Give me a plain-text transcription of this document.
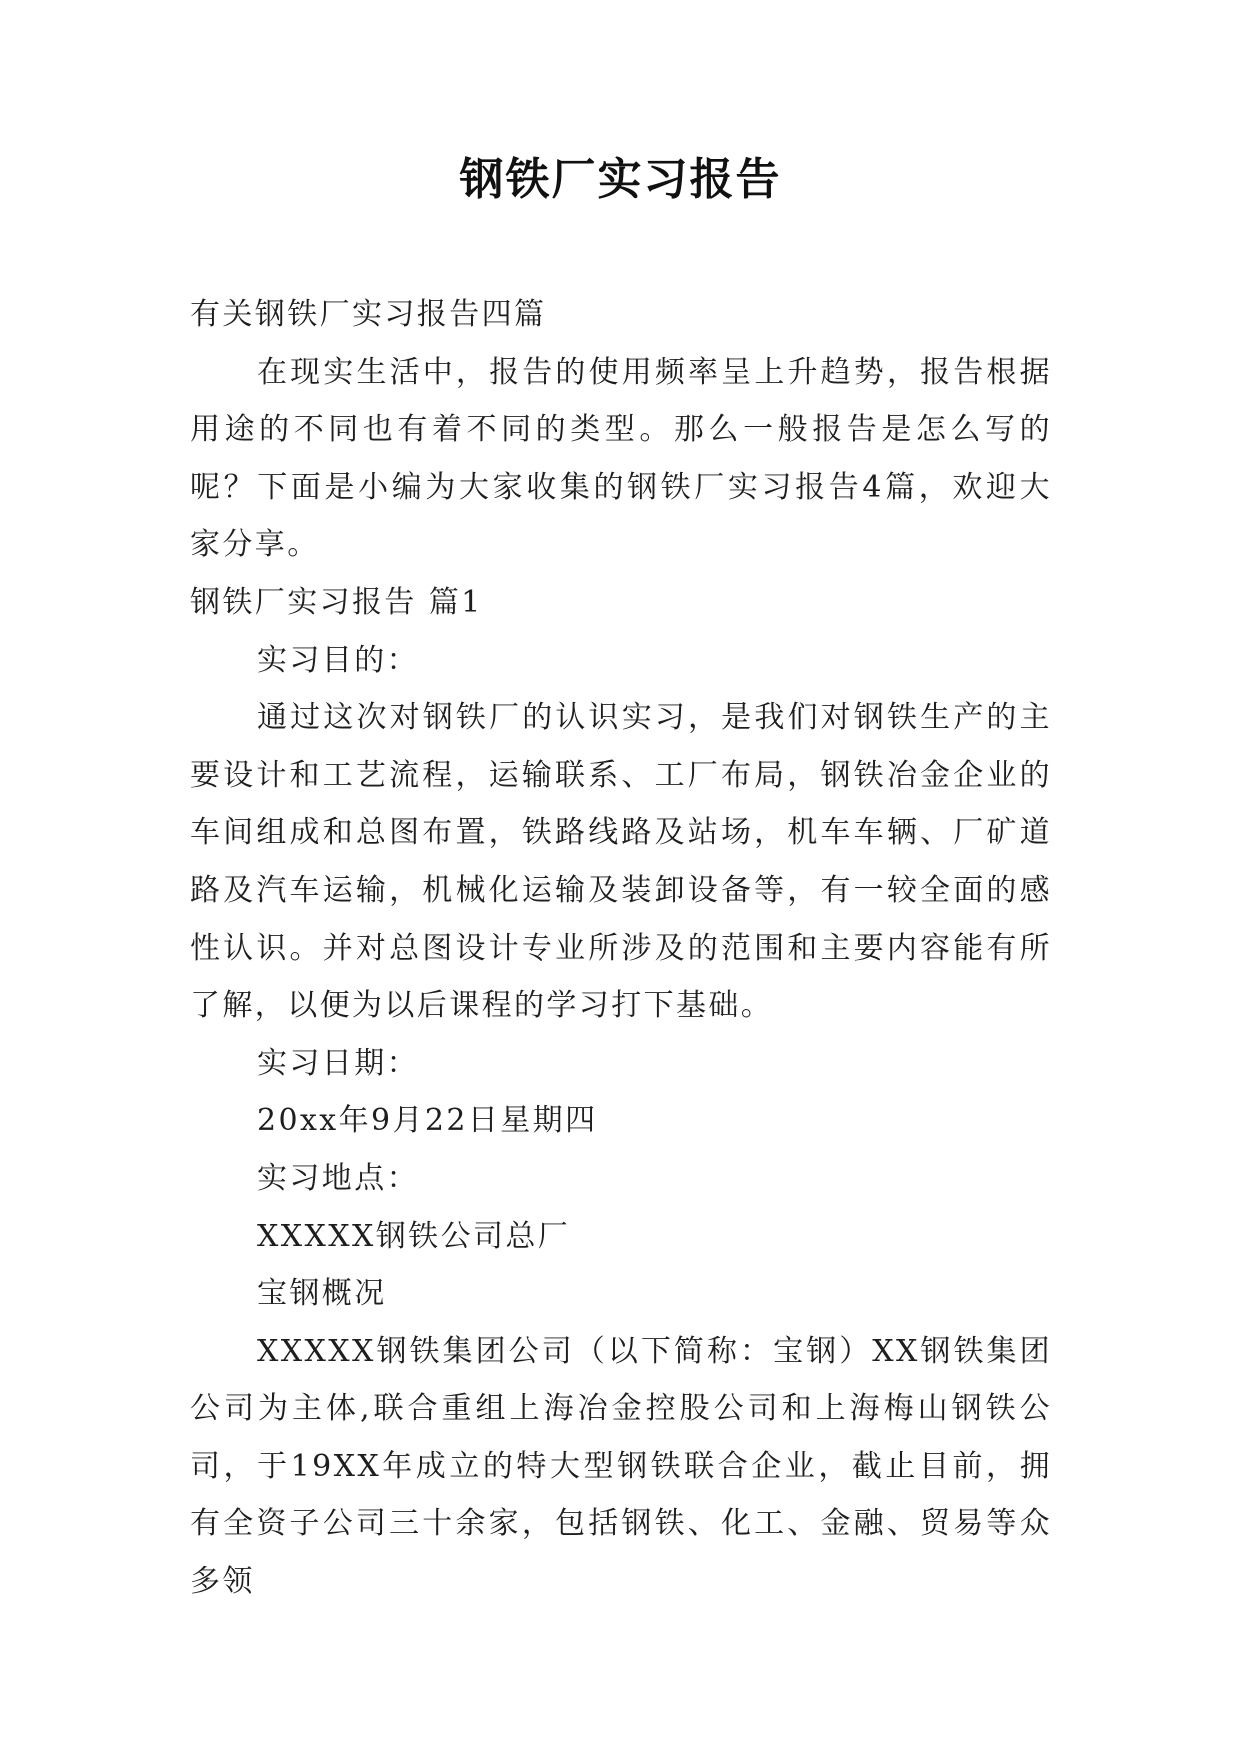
钢铁厂实习报告

有关钢铁厂实习报告四篇

在现实生活中，报告的使用频率呈上升趋势，报告根据用途的不同也有着不同的类型。那么一般报告是怎么写的呢？下面是小编为大家收集的钢铁厂实习报告4篇，欢迎大家分享。

钢铁厂实习报告 篇1

实习目的：

通过这次对钢铁厂的认识实习，是我们对钢铁生产的主要设计和工艺流程，运输联系、工厂布局，钢铁冶金企业的车间组成和总图布置，铁路线路及站场，机车车辆、厂矿道路及汽车运输，机械化运输及装卸设备等，有一较全面的感性认识。并对总图设计专业所涉及的范围和主要内容能有所了解，以便为以后课程的学习打下基础。

实习日期：

20xx年9月22日星期四

实习地点：

XXXXX钢铁公司总厂

宝钢概况

XXXXX钢铁集团公司（以下简称：宝钢）XX钢铁集团公司为主体,联合重组上海冶金控股公司和上海梅山钢铁公司，于19XX年成立的特大型钢铁联合企业，截止目前，拥有全资子公司三十余家，包括钢铁、化工、金融、贸易等众多领
